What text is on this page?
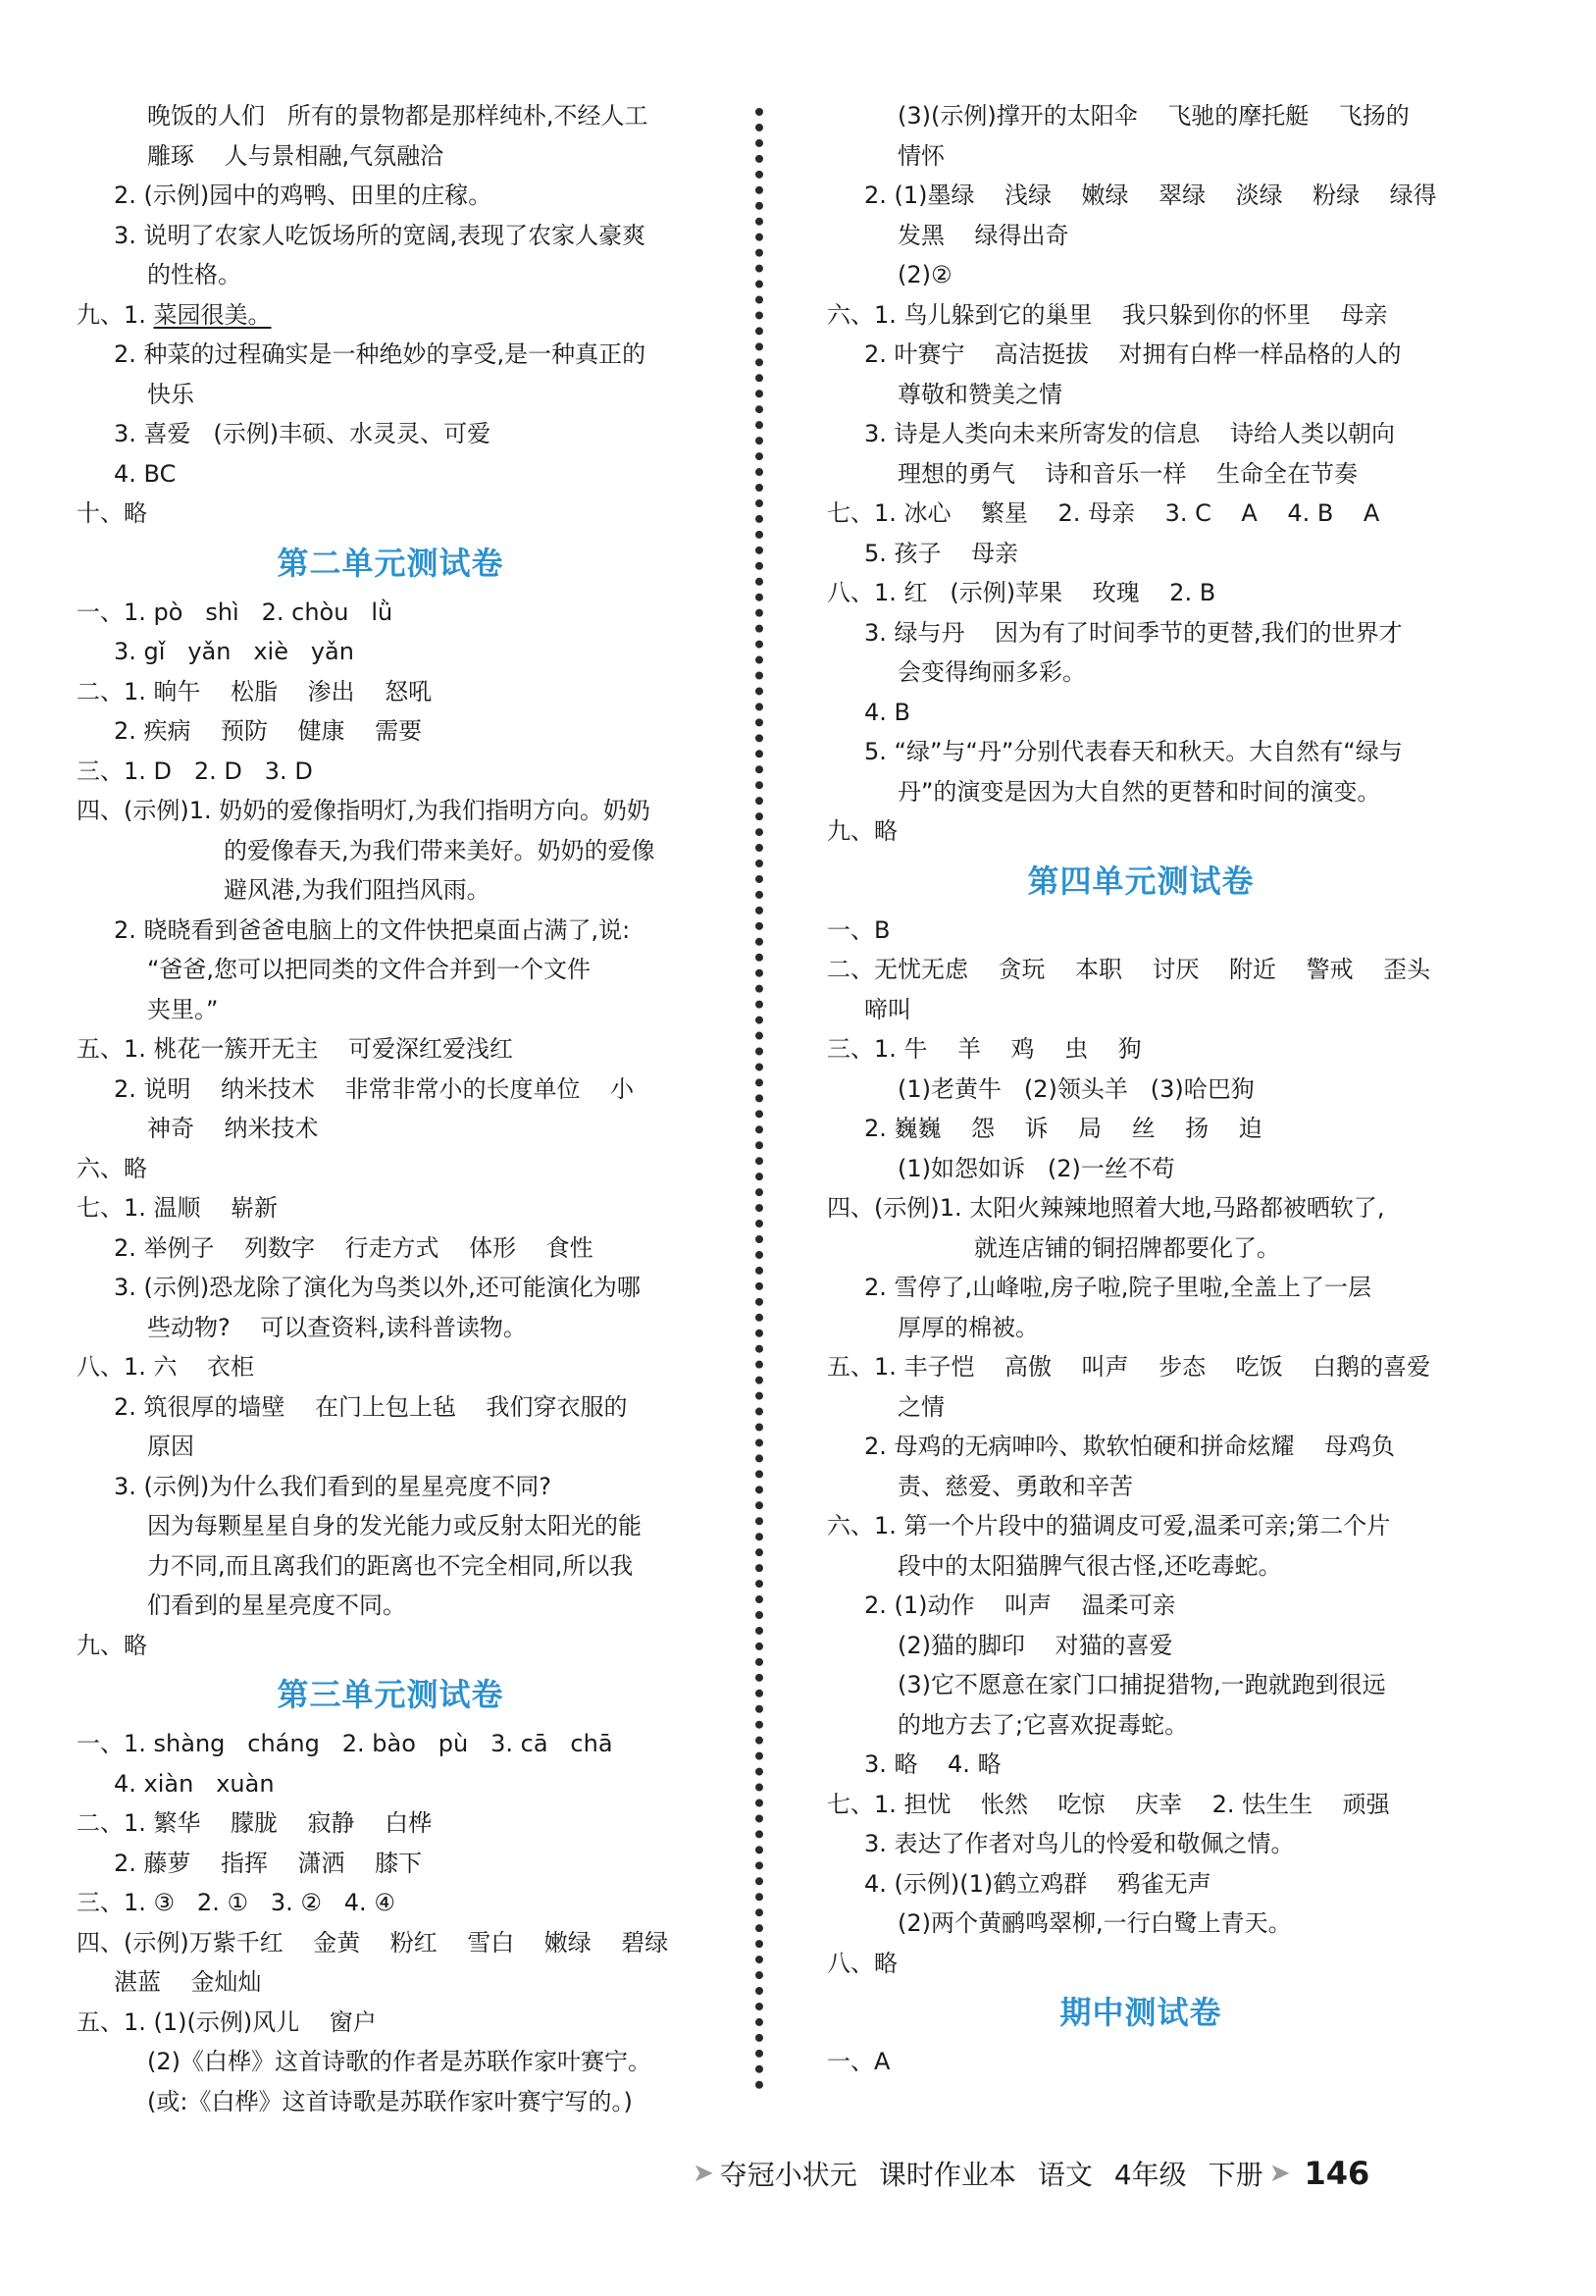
晚饭的人们   所有的景物都是那样纯朴,不经人工
雕琢    人与景相融,气氛融洽
2. (示例)园中的鸡鸭、田里的庄稼。
3. 说明了农家人吃饭场所的宽阔,表现了农家人豪爽
的性格。
九、1. 菜园很美。
2. 种菜的过程确实是一种绝妙的享受,是一种真正的
快乐
3. 喜爱   (示例)丰硕、水灵灵、可爱
4. BC
十、略
第二单元测试卷
一、1. pò   shì   2. chòu   lǜ
3. gǐ   yǎn   xiè   yǎn
二、1. 晌午    松脂    渗出    怒吼
2. 疾病    预防    健康    需要
三、1. D   2. D   3. D
四、(示例)1. 奶奶的爱像指明灯,为我们指明方向。奶奶
的爱像春天,为我们带来美好。奶奶的爱像
避风港,为我们阻挡风雨。
2. 晓晓看到爸爸电脑上的文件快把桌面占满了,说:
“爸爸,您可以把同类的文件合并到一个文件
夹里。”
五、1. 桃花一簇开无主    可爱深红爱浅红
2. 说明    纳米技术    非常非常小的长度单位    小
神奇    纳米技术
六、略
七、1. 温顺    崭新
2. 举例子    列数字    行走方式    体形    食性
3. (示例)恐龙除了演化为鸟类以外,还可能演化为哪
些动物?    可以查资料,读科普读物。
八、1. 六    衣柜
2. 筑很厚的墙壁    在门上包上毡    我们穿衣服的
原因
3. (示例)为什么我们看到的星星亮度不同?
因为每颗星星自身的发光能力或反射太阳光的能
力不同,而且离我们的距离也不完全相同,所以我
们看到的星星亮度不同。
九、略
第三单元测试卷
一、1. shàng   cháng   2. bào   pù   3. cā   chā
4. xiàn   xuàn
二、1. 繁华    朦胧    寂静    白桦
2. 藤萝    指挥    潇洒    膝下
三、1. ③   2. ①   3. ②   4. ④
四、(示例)万紫千红    金黄    粉红    雪白    嫩绿    碧绿
湛蓝    金灿灿
五、1. (1)(示例)风儿    窗户
(2)《白桦》这首诗歌的作者是苏联作家叶赛宁。
(或:《白桦》这首诗歌是苏联作家叶赛宁写的。)
(3)(示例)撑开的太阳伞    飞驰的摩托艇    飞扬的
情怀
2. (1)墨绿    浅绿    嫩绿    翠绿    淡绿    粉绿    绿得
发黑    绿得出奇
(2)②
六、1. 鸟儿躲到它的巢里    我只躲到你的怀里    母亲
2. 叶赛宁    高洁挺拔    对拥有白桦一样品格的人的
尊敬和赞美之情
3. 诗是人类向未来所寄发的信息    诗给人类以朝向
理想的勇气    诗和音乐一样    生命全在节奏
七、1. 冰心    繁星    2. 母亲    3. C    A    4. B    A
5. 孩子    母亲
八、1. 红   (示例)苹果    玫瑰    2. B
3. 绿与丹    因为有了时间季节的更替,我们的世界才
会变得绚丽多彩。
4. B
5. “绿”与“丹”分别代表春天和秋天。大自然有“绿与
丹”的演变是因为大自然的更替和时间的演变。
九、略
第四单元测试卷
一、B
二、无忧无虑    贪玩    本职    讨厌    附近    警戒    歪头
啼叫
三、1. 牛    羊    鸡    虫    狗
(1)老黄牛   (2)领头羊   (3)哈巴狗
2. 巍巍    怨    诉    局    丝    扬    迫
(1)如怨如诉   (2)一丝不苟
四、(示例)1. 太阳火辣辣地照着大地,马路都被晒软了,
就连店铺的铜招牌都要化了。
2. 雪停了,山峰啦,房子啦,院子里啦,全盖上了一层
厚厚的棉被。
五、1. 丰子恺    高傲    叫声    步态    吃饭    白鹅的喜爱
之情
2. 母鸡的无病呻吟、欺软怕硬和拼命炫耀    母鸡负
责、慈爱、勇敢和辛苦
六、1. 第一个片段中的猫调皮可爱,温柔可亲;第二个片
段中的太阳猫脾气很古怪,还吃毒蛇。
2. (1)动作    叫声    温柔可亲
(2)猫的脚印    对猫的喜爱
(3)它不愿意在家门口捕捉猎物,一跑就跑到很远
的地方去了;它喜欢捉毒蛇。
3. 略    4. 略
七、1. 担忧    怅然    吃惊    庆幸    2. 怯生生    顽强
3. 表达了作者对鸟儿的怜爱和敬佩之情。
4. (示例)(1)鹤立鸡群    鸦雀无声
(2)两个黄鹂鸣翠柳,一行白鹭上青天。
八、略
期中测试卷
一、A
➤ 夺冠小状元 课时作业本 语文 4年级 下册 ➤ 146
